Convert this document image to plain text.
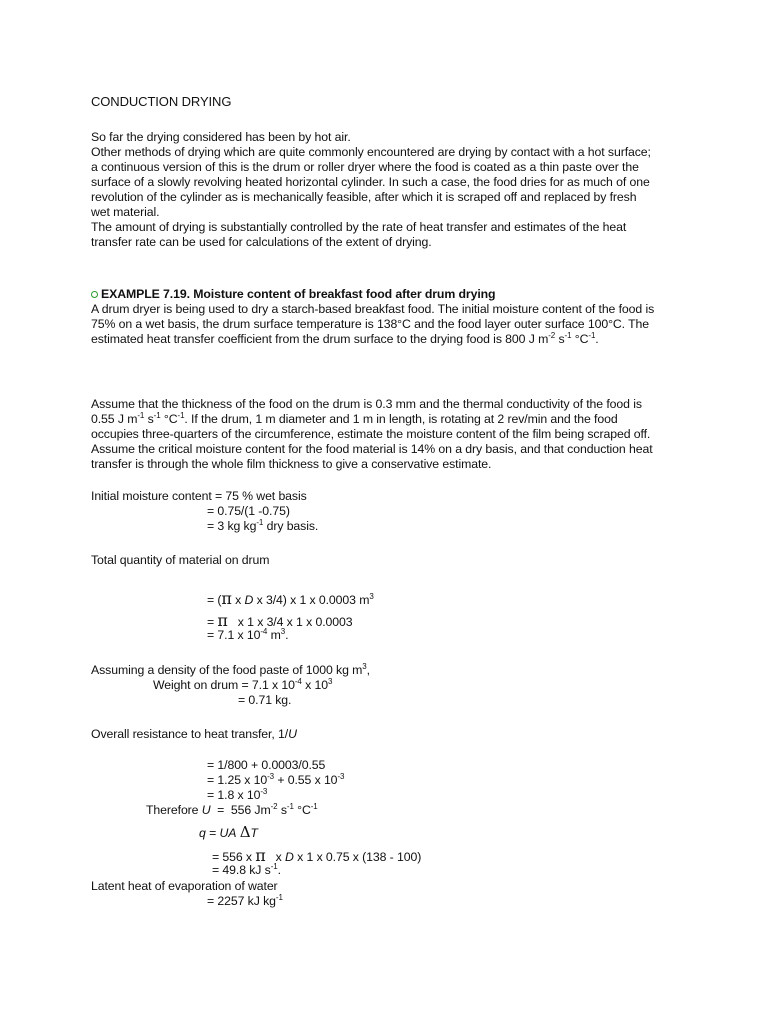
CONDUCTION DRYING
So far the drying considered has been by hot air.
Other methods of drying which are quite commonly encountered are drying by contact with a hot surface;
a continuous version of this is the drum or roller dryer where the food is coated as a thin paste over the
surface of a slowly revolving heated horizontal cylinder. In such a case, the food dries for as much of one
revolution of the cylinder as is mechanically feasible, after which it is scraped off and replaced by fresh
wet material.
The amount of drying is substantially controlled by the rate of heat transfer and estimates of the heat
transfer rate can be used for calculations of the extent of drying.
EXAMPLE 7.19. Moisture content of breakfast food after drum drying
A drum dryer is being used to dry a starch-based breakfast food. The initial moisture content of the food is
75% on a wet basis, the drum surface temperature is 138°C and the food layer outer surface 100°C. The
estimated heat transfer coefficient from the drum surface to the drying food is 800 J $m^{-2}$ $s^{-1}$ $^\circ C^{-1}$.
Assume that the thickness of the food on the drum is 0.3 mm and the thermal conductivity of the food is
0.55 J $m^{-1}$ $s^{-1}$ $^\circ C^{-1}$. If the drum, 1 m diameter and 1 m in length, is rotating at 2 rev/min and the food
occupies three-quarters of the circumference, estimate the moisture content of the film being scraped off.
Assume the critical moisture content for the food material is 14% on a dry basis, and that conduction heat
transfer is through the whole film thickness to give a conservative estimate.
Initial moisture content = 75 % wet basis
= 0.75/(1 -0.75)
= 3 kg $kg^{-1}$ dry basis.
Total quantity of material on drum
= (π x D x 3/4) x 1 x 0.0003 $m^3$
= π   x 1 x 3/4 x 1 x 0.0003
= 7.1 x $10^{-4}$ $m^3$.
Assuming a density of the food paste of 1000 kg $m^3$,
Weight on drum = 7.1 x $10^{-4}$ x $10^3$
= 0.71 kg.
Overall resistance to heat transfer, 1/U
= 1/800 + 0.0003/0.55
= 1.25 x $10^{-3} + 0.55$ x $10^{-3}$
= 1.8 x $10^{-3}$
Therefore U  =  556 $Jm^{-2}$ $s^{-1}$ $^\circ C^{-1}$
q = UA ΔT
= 556 x π   x D x 1 x 0.75 x (138 - 100)
= 49.8 kJ $s^{-1}$.
Latent heat of evaporation of water
= 2257 kJ $kg^{-1}$
